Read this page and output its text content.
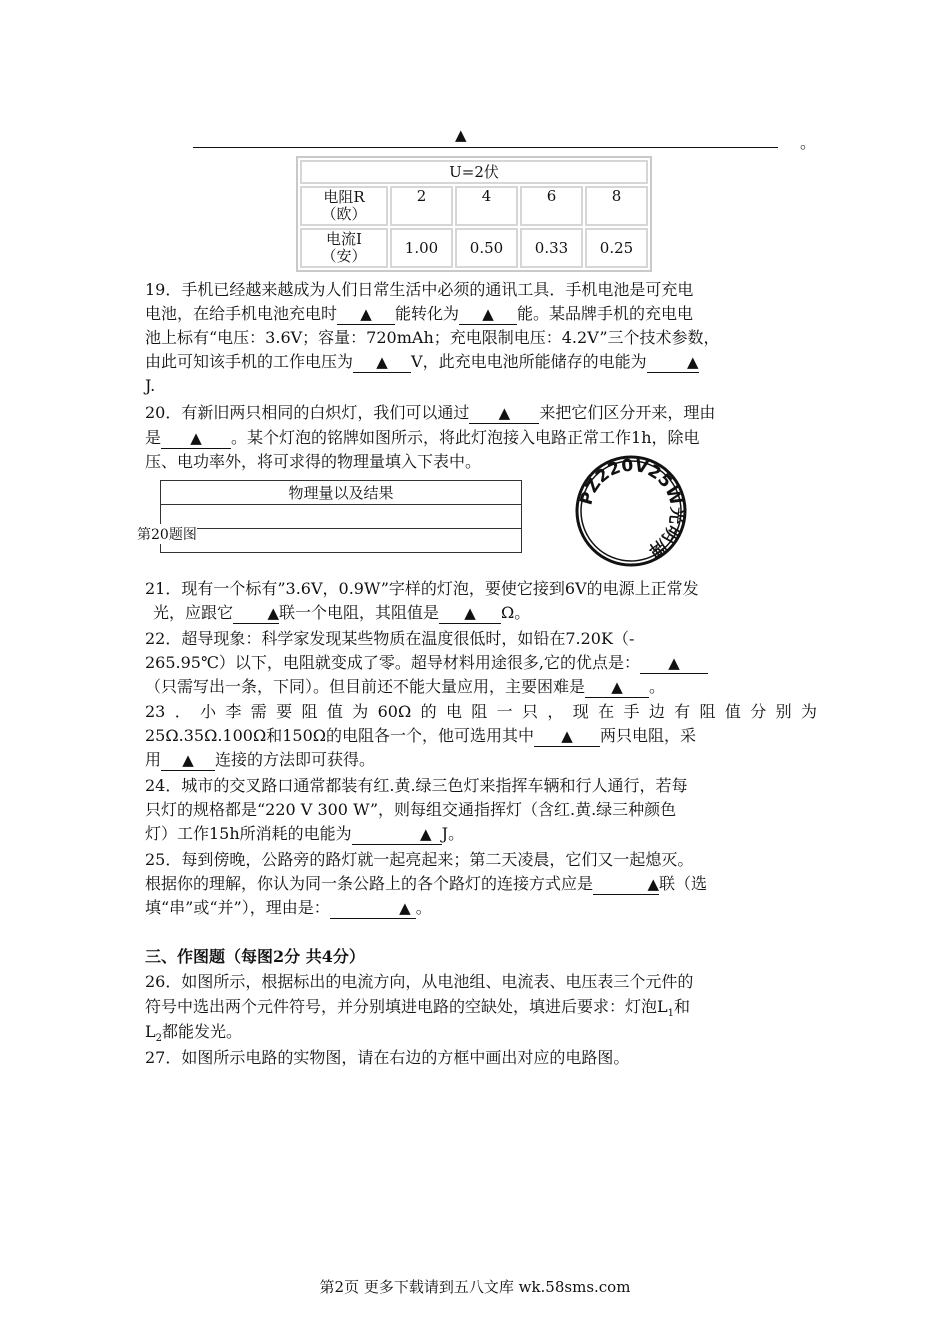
▲	。
U=2伏				
电阻R
（欧）	2	4	6	8
电流I
（安）	1.00	0.50	0.33	0.25
19．手机已经越来越成为人们日常生活中必须的通讯工具．手机电池是可充电
电池，在给手机电池充电时 ▲ 能转化为 ▲ 能。某品牌手机的充电电
池上标有“电压：3.6V；容量：720mAh；充电限制电压：4.2V”三个技术参数，
由此可知该手机的工作电压为 ▲ V，此充电电池所能储存的电能为	▲
J.
20．有新旧两只相同的白炽灯，我们可以通过 ▲ 来把它们区分开来，理由
是 ▲ 。某个灯泡的铭牌如图所示，将此灯泡接入电路正常工作1h，除电
压、电功率外，将可求得的物理量填入下表中。
物理量以及结果

第20题图
PZ220V25W光明牌
21．现有一个标有”3.6V，0.9W”字样的灯泡，要使它接到6V的电源上正常发
光，应跟它 ▲联一个电阻，其阻值是 ▲ Ω。
22．超导现象：科学家发现某些物质在温度很低时，如铅在7.20K（-
265.95℃）以下，电阻就变成了零。超导材料用途很多,它的优点是： ▲
（只需写出一条，下同）。但目前还不能大量应用，主要困难是 ▲ 。
23．小李需要阻值为60Ω的电阻一只，现在手边有阻值分别为
25Ω.35Ω.100Ω和150Ω的电阻各一个，他可选用其中 ▲ 两只电阻，采
用 ▲ 连接的方法即可获得。
24．城市的交叉路口通常都装有红.黄.绿三色灯来指挥车辆和行人通行，若每
只灯的规格都是“220 V 300 W”，则每组交通指挥灯（含红.黄.绿三种颜色
灯）工作15h所消耗的电能为	▲ J。
25．每到傍晚，公路旁的路灯就一起亮起来；第二天凌晨，它们又一起熄灭。
根据你的理解，你认为同一条公路上的各个路灯的连接方式应是	▲联（选
填“串”或“并”），理由是：	▲ 。
三、作图题（每图2分 共4分）
26．如图所示，根据标出的电流方向，从电池组、电流表、电压表三个元件的
符号中选出两个元件符号，并分别填进电路的空缺处，填进后要求：灯泡$L_1$和
$L_2$都能发光。
27．如图所示电路的实物图，请在右边的方框中画出对应的电路图。
第2页 更多下载请到五八文库 wk.58sms.com
